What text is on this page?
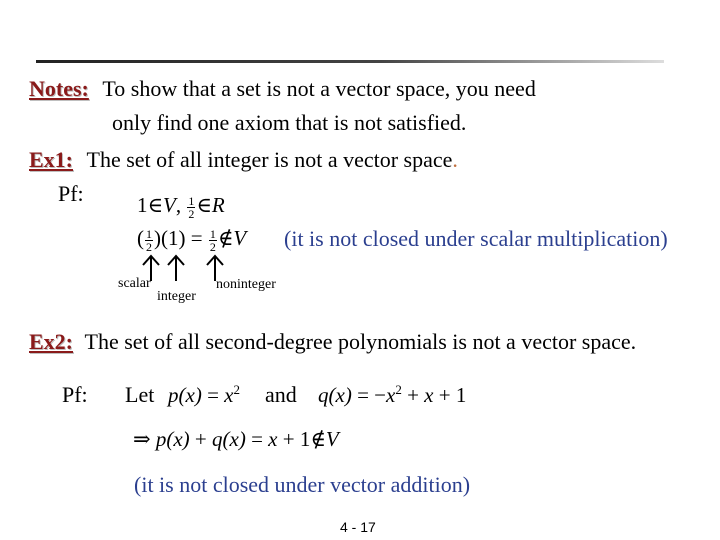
Notes: To show that a set is not a vector space, you need
only find one axiom that is not satisfied.
Ex1: The set of all integer is not a vector space.
Pf:	1∈V, $\frac{1}{2}$ ∈R
( $\frac{1}{2} )(1) = \frac{1}{2}$ ∉V (it is not closed under scalar multiplication)
scalar
integer
noninteger
Ex2: The set of all second-degree polynomials is not a vector space.
Pf: Let $p(x) = x^2$ and $q(x) = -x^2 + x + 1$
⇒ p(x) + q(x) = x + 1∉V
(it is not closed under vector addition)
4 - 17
